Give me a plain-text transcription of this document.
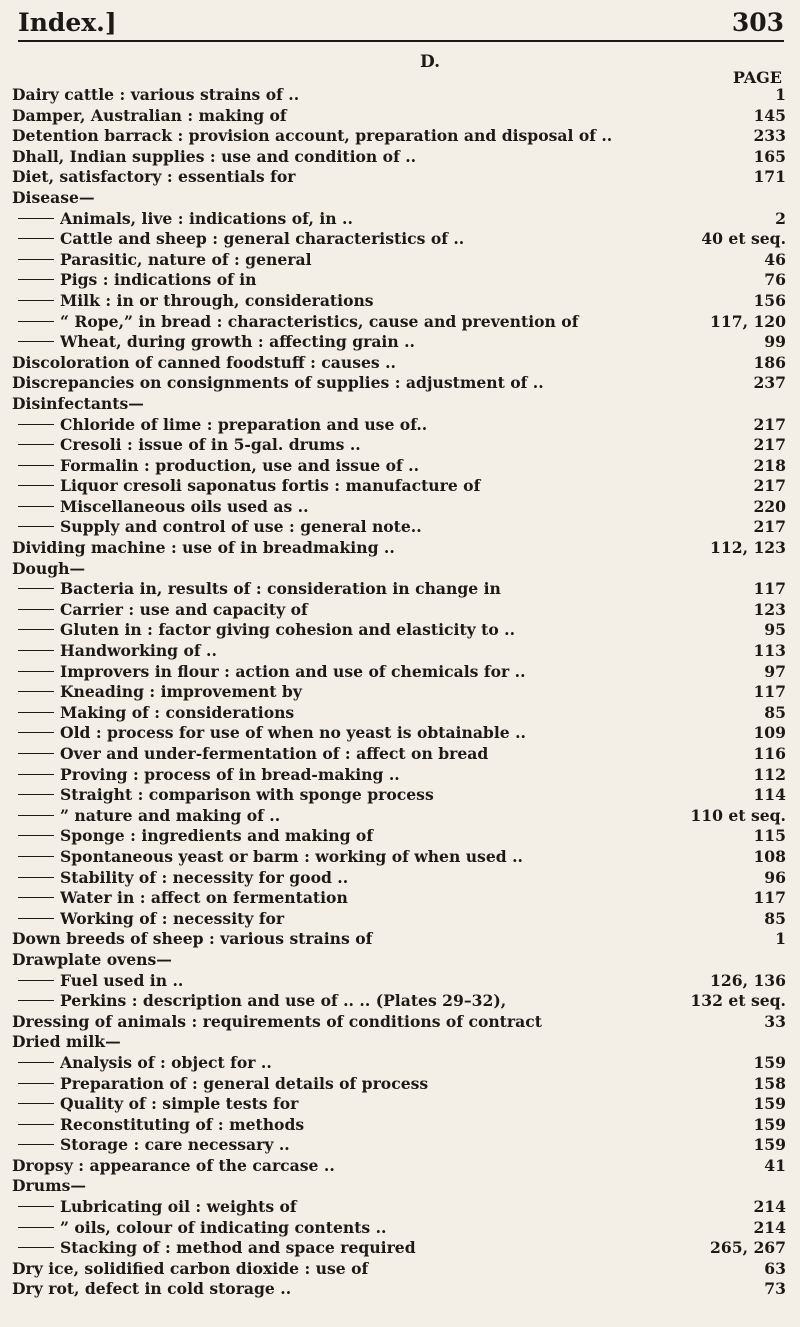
Index.]	303
D.
PAGE
Dairy cattle : various strains of ..	1
Damper, Australian : making of	145
Detention barrack : provision account, preparation and disposal of ..	233
Dhall, Indian supplies : use and condition of ..	165
Diet, satisfactory : essentials for	171
Disease—
Animals, live : indications of, in ..	2
Cattle and sheep : general characteristics of ..	40 et seq.
Parasitic, nature of : general	46
Pigs : indications of in	76
Milk : in or through, considerations	156
“ Rope,” in bread : characteristics, cause and prevention of	117, 120
Wheat, during growth : affecting grain ..	99
Discoloration of canned foodstuff : causes ..	186
Discrepancies on consignments of supplies : adjustment of ..	237
Disinfectants—
Chloride of lime : preparation and use of..	217
Cresoli : issue of in 5-gal. drums ..	217
Formalin : production, use and issue of ..	218
Liquor cresoli saponatus fortis : manufacture of	217
Miscellaneous oils used as ..	220
Supply and control of use : general note..	217
Dividing machine : use of in breadmaking ..	112, 123
Dough—
Bacteria in, results of : consideration in change in	117
Carrier : use and capacity of	123
Gluten in : factor giving cohesion and elasticity to ..	95
Handworking of ..	113
Improvers in flour : action and use of chemicals for ..	97
Kneading : improvement by	117
Making of : considerations	85
Old : process for use of when no yeast is obtainable ..	109
Over and under-fermentation of : affect on bread	116
Proving : process of in bread-making ..	112
Straight : comparison with sponge process	114
” nature and making of ..	110 et seq.
Sponge : ingredients and making of	115
Spontaneous yeast or barm : working of when used ..	108
Stability of : necessity for good ..	96
Water in : affect on fermentation	117
Working of : necessity for	85
Down breeds of sheep : various strains of	1
Drawplate ovens—
Fuel used in ..	126, 136
Perkins : description and use of .. .. (Plates 29–32),	132 et seq.
Dressing of animals : requirements of conditions of contract	33
Dried milk—
Analysis of : object for ..	159
Preparation of : general details of process	158
Quality of : simple tests for	159
Reconstituting of : methods	159
Storage : care necessary ..	159
Dropsy : appearance of the carcase ..	41
Drums—
Lubricating oil : weights of	214
” oils, colour of indicating contents ..	214
Stacking of : method and space required	265, 267
Dry ice, solidified carbon dioxide : use of	63
Dry rot, defect in cold storage ..	73
